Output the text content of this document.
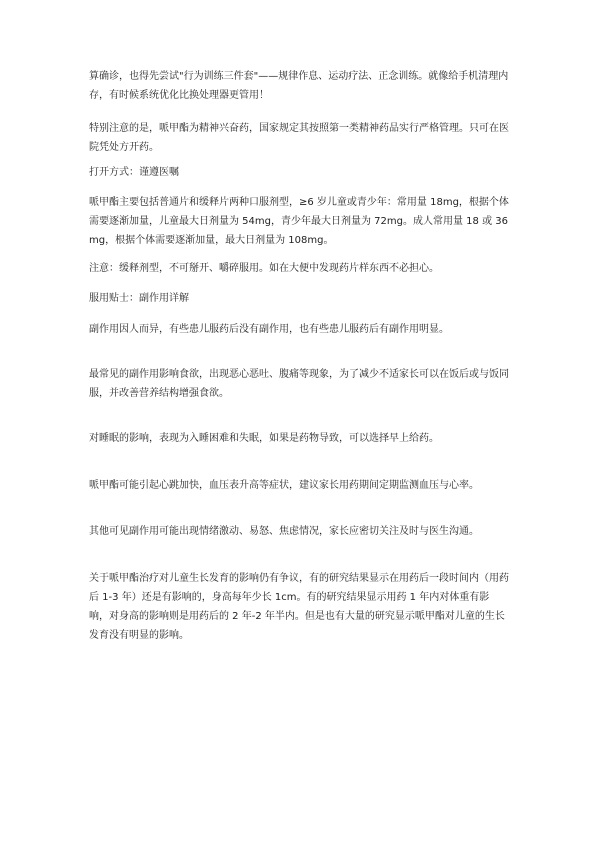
算确诊，也得先尝试"行为训练三件套"——规律作息、运动疗法、正念训练。就像给手机清理内存，有时候系统优化比换处理器更管用！

特别注意的是，哌甲酯为精神兴奋药，国家规定其按照第一类精神药品实行严格管理。只可在医院凭处方开药。

打开方式：谨遵医嘱

哌甲酯主要包括普通片和缓释片两种口服剂型，≥6 岁儿童或青少年：常用量 18mg，根据个体需要逐渐加量，儿童最大日剂量为 54mg，青少年最大日剂量为 72mg。成人常用量 18 或 36mg，根据个体需要逐渐加量，最大日剂量为 108mg。

注意：缓释剂型，不可掰开、嚼碎服用。如在大便中发现药片样东西不必担心。

服用贴士：副作用详解

副作用因人而异，有些患儿服药后没有副作用，也有些患儿服药后有副作用明显。

最常见的副作用影响食欲，出现恶心恶吐、腹痛等现象，为了减少不适家长可以在饭后或与饭同服，并改善营养结构增强食欲。

对睡眠的影响，表现为入睡困难和失眠，如果是药物导致，可以选择早上给药。

哌甲酯可能引起心跳加快，血压表升高等症状，建议家长用药期间定期监测血压与心率。

其他可见副作用可能出现情绪激动、易怒、焦虑情况，家长应密切关注及时与医生沟通。

关于哌甲酯治疗对儿童生长发育的影响仍有争议，有的研究结果显示在用药后一段时间内（用药后 1-3 年）还是有影响的，身高每年少长 1cm。有的研究结果显示用药 1 年内对体重有影响，对身高的影响则是用药后的 2 年-2 年半内。但是也有大量的研究显示哌甲酯对儿童的生长发育没有明显的影响。
